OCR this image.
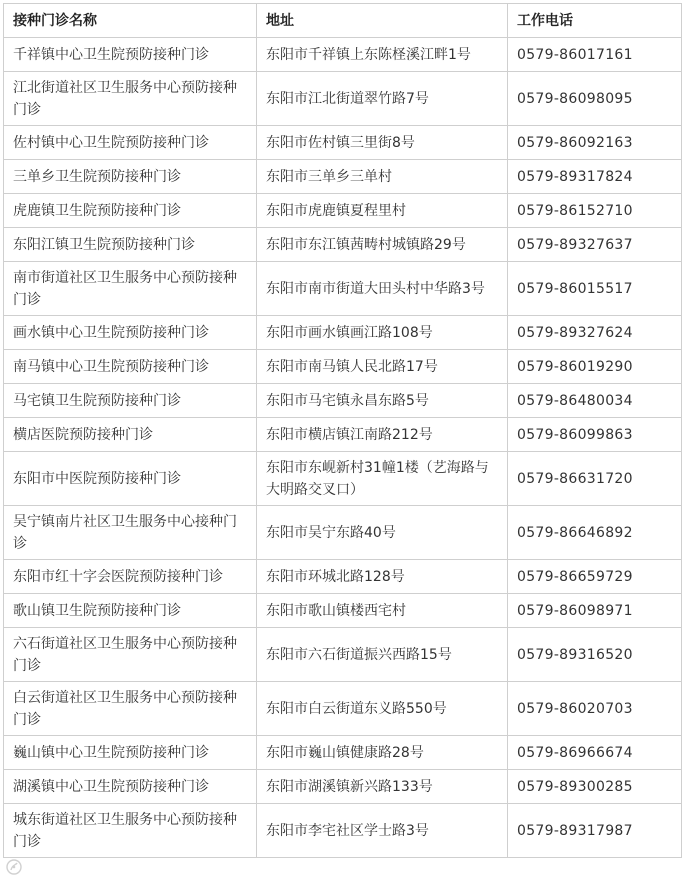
接种门诊名称	地址	工作电话
千祥镇中心卫生院预防接种门诊	东阳市千祥镇上东陈柽溪江畔1号	0579-86017161
江北街道社区卫生服务中心预防接种门诊	东阳市江北街道翠竹路7号	0579-86098095
佐村镇中心卫生院预防接种门诊	东阳市佐村镇三里街8号	0579-86092163
三单乡卫生院预防接种门诊	东阳市三单乡三单村	0579-89317824
虎鹿镇卫生院预防接种门诊	东阳市虎鹿镇夏程里村	0579-86152710
东阳江镇卫生院预防接种门诊	东阳市东江镇茜畴村城镇路29号	0579-89327637
南市街道社区卫生服务中心预防接种门诊	东阳市南市街道大田头村中华路3号	0579-86015517
画水镇中心卫生院预防接种门诊	东阳市画水镇画江路108号	0579-89327624
南马镇中心卫生院预防接种门诊	东阳市南马镇人民北路17号	0579-86019290
马宅镇卫生院预防接种门诊	东阳市马宅镇永昌东路5号	0579-86480034
横店医院预防接种门诊	东阳市横店镇江南路212号	0579-86099863
东阳市中医院预防接种门诊	东阳市东岘新村31幢1楼（艺海路与大明路交叉口）	0579-86631720
吴宁镇南片社区卫生服务中心接种门诊	东阳市吴宁东路40号	0579-86646892
东阳市红十字会医院预防接种门诊	东阳市环城北路128号	0579-86659729
歌山镇卫生院预防接种门诊	东阳市歌山镇楼西宅村	0579-86098971
六石街道社区卫生服务中心预防接种门诊	东阳市六石街道振兴西路15号	0579-89316520
白云街道社区卫生服务中心预防接种门诊	东阳市白云街道东义路550号	0579-86020703
巍山镇中心卫生院预防接种门诊	东阳市巍山镇健康路28号	0579-86966674
湖溪镇中心卫生院预防接种门诊	东阳市湖溪镇新兴路133号	0579-89300285
城东街道社区卫生服务中心预防接种门诊	东阳市李宅社区学士路3号	0579-89317987
